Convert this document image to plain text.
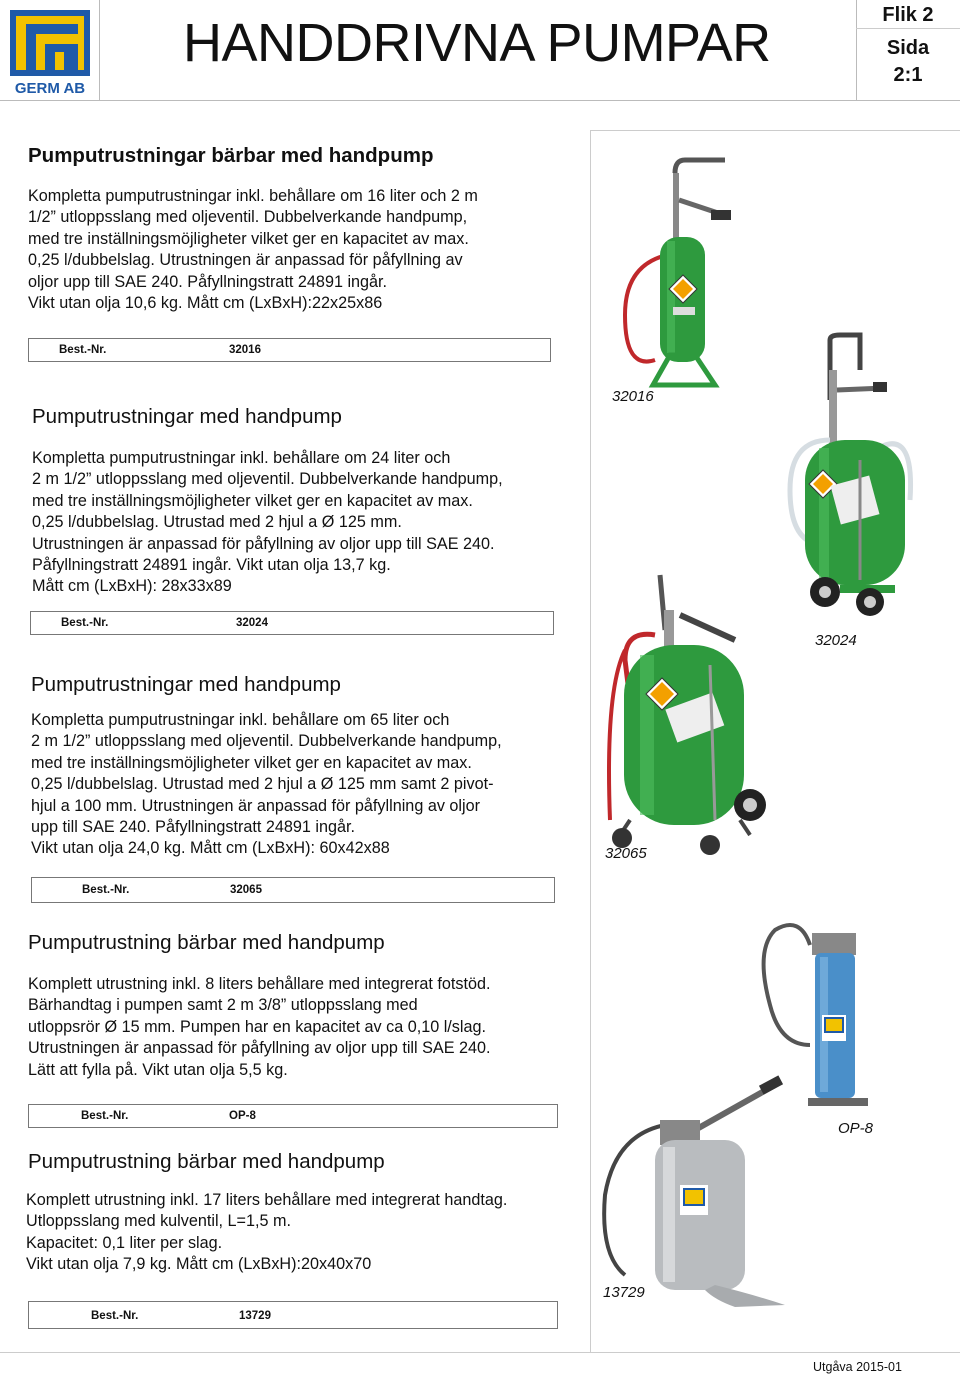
GERM AB
HANDDRIVNA PUMPAR	Flik 2
Sida
2:1
Pumputrustningar bärbar med handpump
Kompletta pumputrustningar inkl. behållare om 16 liter och 2 m
1/2” utloppsslang med oljeventil. Dubbelverkande handpump,
med tre inställningsmöjligheter vilket ger en kapacitet av max.
0,25 l/dubbelslag. Utrustningen är anpassad för påfyllning av
oljor upp till SAE 240. Påfyllningstratt 24891 ingår.
Vikt utan olja 10,6 kg. Mått cm (LxBxH):22x25x86
Best.-Nr.	32016
Pumputrustningar med handpump
Kompletta pumputrustningar inkl. behållare om 24 liter och
2 m 1/2” utloppsslang med oljeventil. Dubbelverkande handpump,
med tre inställningsmöjligheter vilket ger en kapacitet av max.
0,25 l/dubbelslag. Utrustad med 2 hjul a Ø 125 mm.
Utrustningen är anpassad för påfyllning av oljor upp till SAE 240.
Påfyllningstratt 24891 ingår. Vikt utan olja 13,7 kg.
Mått cm (LxBxH): 28x33x89
Best.-Nr.	32024
Pumputrustningar med handpump
Kompletta pumputrustningar inkl. behållare om 65 liter och
2 m 1/2” utloppsslang med oljeventil. Dubbelverkande handpump,
med tre inställningsmöjligheter vilket ger en kapacitet av max.
0,25 l/dubbelslag. Utrustad med 2 hjul a Ø 125 mm samt 2 pivot-
hjul a 100 mm. Utrustningen är anpassad för påfyllning av oljor
upp till SAE 240. Påfyllningstratt 24891 ingår.
Vikt utan olja 24,0 kg. Mått cm (LxBxH): 60x42x88
Best.-Nr.	32065
Pumputrustning bärbar med handpump
Komplett utrustning inkl. 8 liters behållare med integrerat fotstöd.
Bärhandtag i pumpen samt 2 m 3/8” utloppsslang med
utloppsrör Ø 15 mm. Pumpen har en kapacitet av ca 0,10 l/slag.
Utrustningen är anpassad för påfyllning av oljor upp till SAE 240.
Lätt att fylla på. Vikt utan olja 5,5 kg.
Best.-Nr.	OP-8
Pumputrustning bärbar med handpump
Komplett utrustning inkl. 17 liters behållare med integrerat handtag.
Utloppsslang med kulventil, L=1,5 m.
Kapacitet: 0,1 liter per slag.
Vikt utan olja 7,9 kg. Mått cm (LxBxH):20x40x70
Best.-Nr.	13729
32016
32024
32065
OP-8
13729
Utgåva 2015-01
